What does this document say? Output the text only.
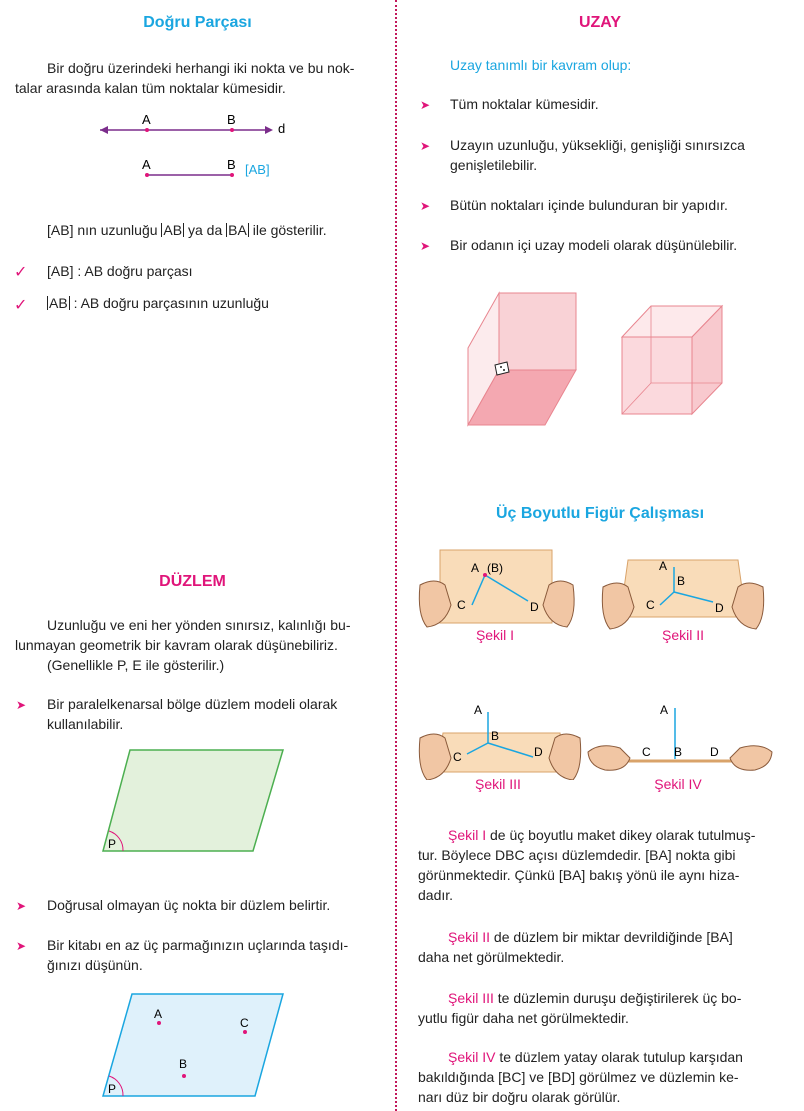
Doğru Parçası
Bir doğru üzerindeki herhangi iki nokta ve bu nok-
talar arasında kalan tüm noktalar kümesidir.
A	B
d
A	B [AB]
[AB] nın uzunluğu AB ya da BA ile gösterilir.
✓ [AB] : AB doğru parçası
✓ AB : AB doğru parçasının uzunluğu
DÜZLEM
Uzunluğu ve eni her yönden sınırsız, kalınlığı bu-
lunmayan geometrik bir kavram olarak düşünebiliriz.
(Genellikle P, E ile gösterilir.)
➤ Bir paralelkenarsal bölge düzlem modeli olarak
kullanılabilir.
P
➤ Doğrusal olmayan üç nokta bir düzlem belirtir.
➤ Bir kitabı en az üç parmağınızın uçlarında taşıdı-
ğınızı düşünün.
P
A
C
B
UZAY
Uzay tanımlı bir kavram olup:
➤ Tüm noktalar kümesidir.
➤ Uzayın uzunluğu, yüksekliği, genişliği sınırsızca
genişletilebilir.
➤ Bütün noktaları içinde bulunduran bir yapıdır.
➤ Bir odanın içi uzay modeli olarak düşünülebilir.
Üç Boyutlu Figür Çalışması
A (B)
C	D
Şekil I
A
B
C	D
Şekil II
A
B
C	D
Şekil III
A
C B D
Şekil IV
Şekil I de üç boyutlu maket dikey olarak tutulmuş-
tur. Böylece DBC açısı düzlemdedir. [BA] nokta gibi
görünmektedir. Çünkü [BA] bakış yönü ile aynı hiza-
dadır.
Şekil II de düzlem bir miktar devrildiğinde [BA]
daha net görülmektedir.
Şekil III te düzlemin duruşu değiştirilerek üç bo-
yutlu figür daha net görülmektedir.
Şekil IV te düzlem yatay olarak tutulup karşıdan
bakıldığında [BC] ve [BD] görülmez ve düzlemin ke-
narı düz bir doğru olarak görülür.
